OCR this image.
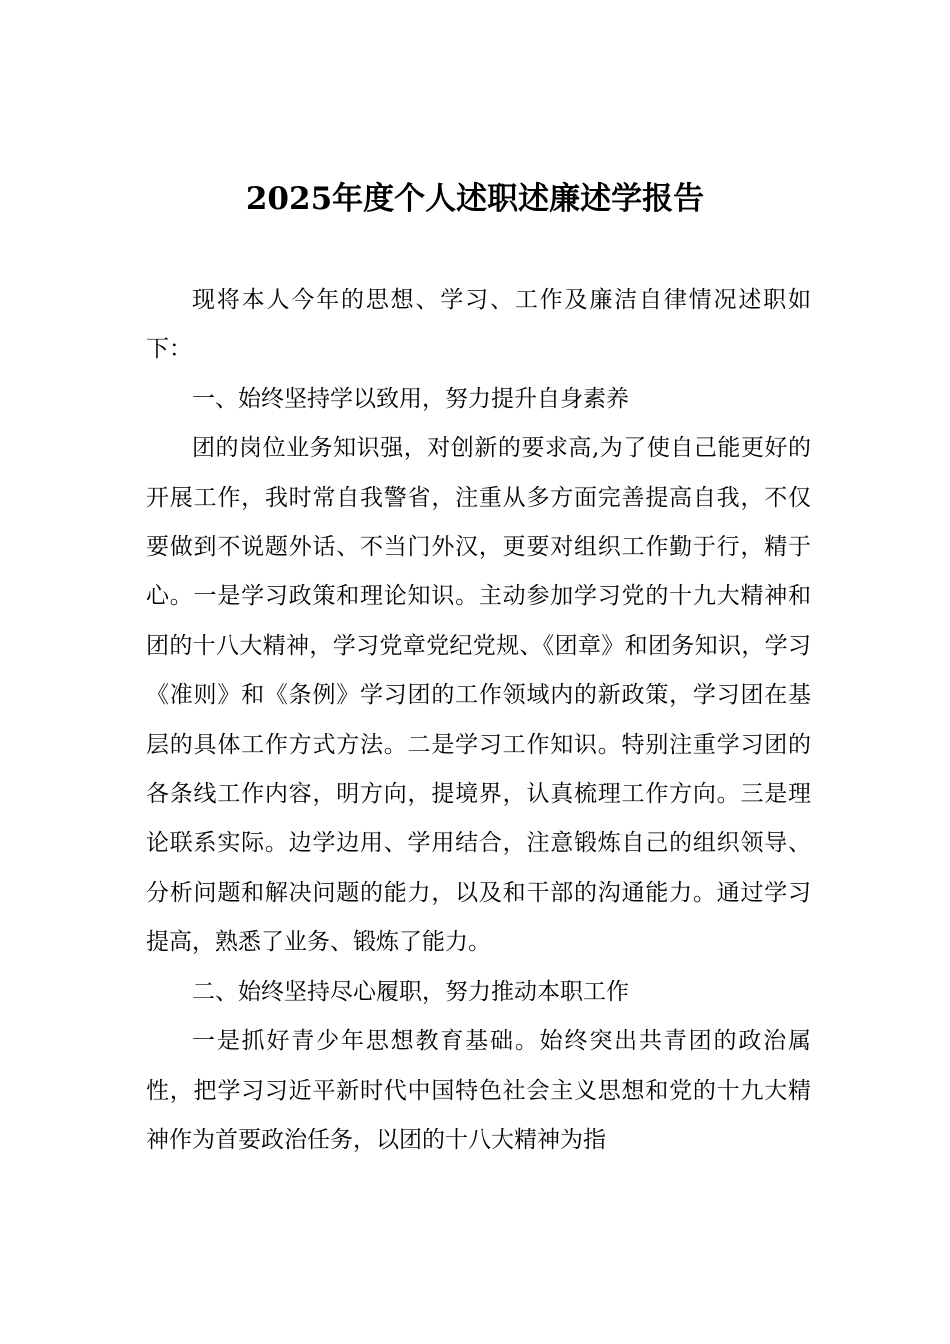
2025年度个人述职述廉述学报告

现将本人今年的思想、学习、工作及廉洁自律情况述职如下：

一、始终坚持学以致用，努力提升自身素养

团的岗位业务知识强，对创新的要求高,为了使自己能更好的开展工作，我时常自我警省，注重从多方面完善提高自我，不仅要做到不说题外话、不当门外汉，更要对组织工作勤于行，精于心。一是学习政策和理论知识。主动参加学习党的十九大精神和团的十八大精神，学习党章党纪党规、《团章》和团务知识，学习《准则》和《条例》学习团的工作领域内的新政策，学习团在基层的具体工作方式方法。二是学习工作知识。特别注重学习团的各条线工作内容，明方向，提境界，认真梳理工作方向。三是理论联系实际。边学边用、学用结合，注意锻炼自己的组织领导、分析问题和解决问题的能力，以及和干部的沟通能力。通过学习提高，熟悉了业务、锻炼了能力。

二、始终坚持尽心履职，努力推动本职工作

一是抓好青少年思想教育基础。始终突出共青团的政治属性，把学习习近平新时代中国特色社会主义思想和党的十九大精神作为首要政治任务，以团的十八大精神为指
